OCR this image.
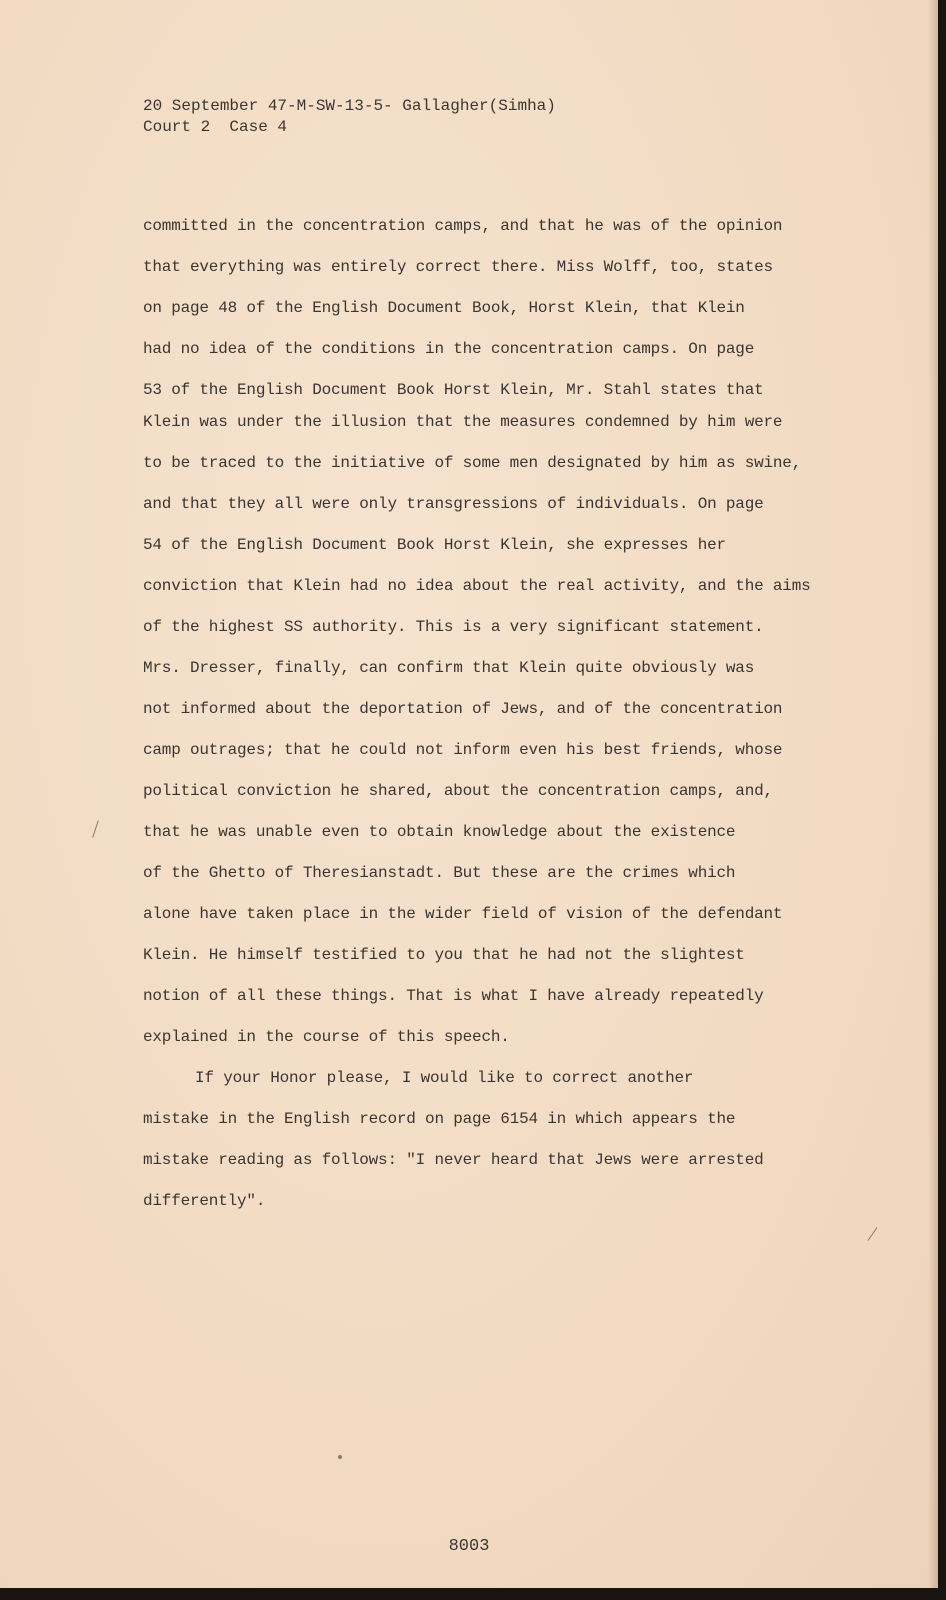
20 September 47-M-SW-13-5- Gallagher(Simha)
Court 2  Case 4
committed in the concentration camps, and that he was of the opinion
that everything was entirely correct there. Miss Wolff, too, states
on page 48 of the English Document Book, Horst Klein, that Klein
had no idea of the conditions in the concentration camps. On page
53 of the English Document Book Horst Klein, Mr. Stahl states that
Klein was under the illusion that the measures condemned by him were
to be traced to the initiative of some men designated by him as swine,
and that they all were only transgressions of individuals. On page
54 of the English Document Book Horst Klein, she expresses her
conviction that Klein had no idea about the real activity, and the aims
of the highest SS authority. This is a very significant statement.
Mrs. Dresser, finally, can confirm that Klein quite obviously was
not informed about the deportation of Jews, and of the concentration
camp outrages; that he could not inform even his best friends, whose
political conviction he shared, about the concentration camps, and,
that he was unable even to obtain knowledge about the existence
of the Ghetto of Theresianstadt. But these are the crimes which
alone have taken place in the wider field of vision of the defendant
Klein. He himself testified to you that he had not the slightest
notion of all these things. That is what I have already repeatedly
explained in the course of this speech.
If your Honor please, I would like to correct another
mistake in the English record on page 6154 in which appears the
mistake reading as follows: "I never heard that Jews were arrested
differently".
8003
